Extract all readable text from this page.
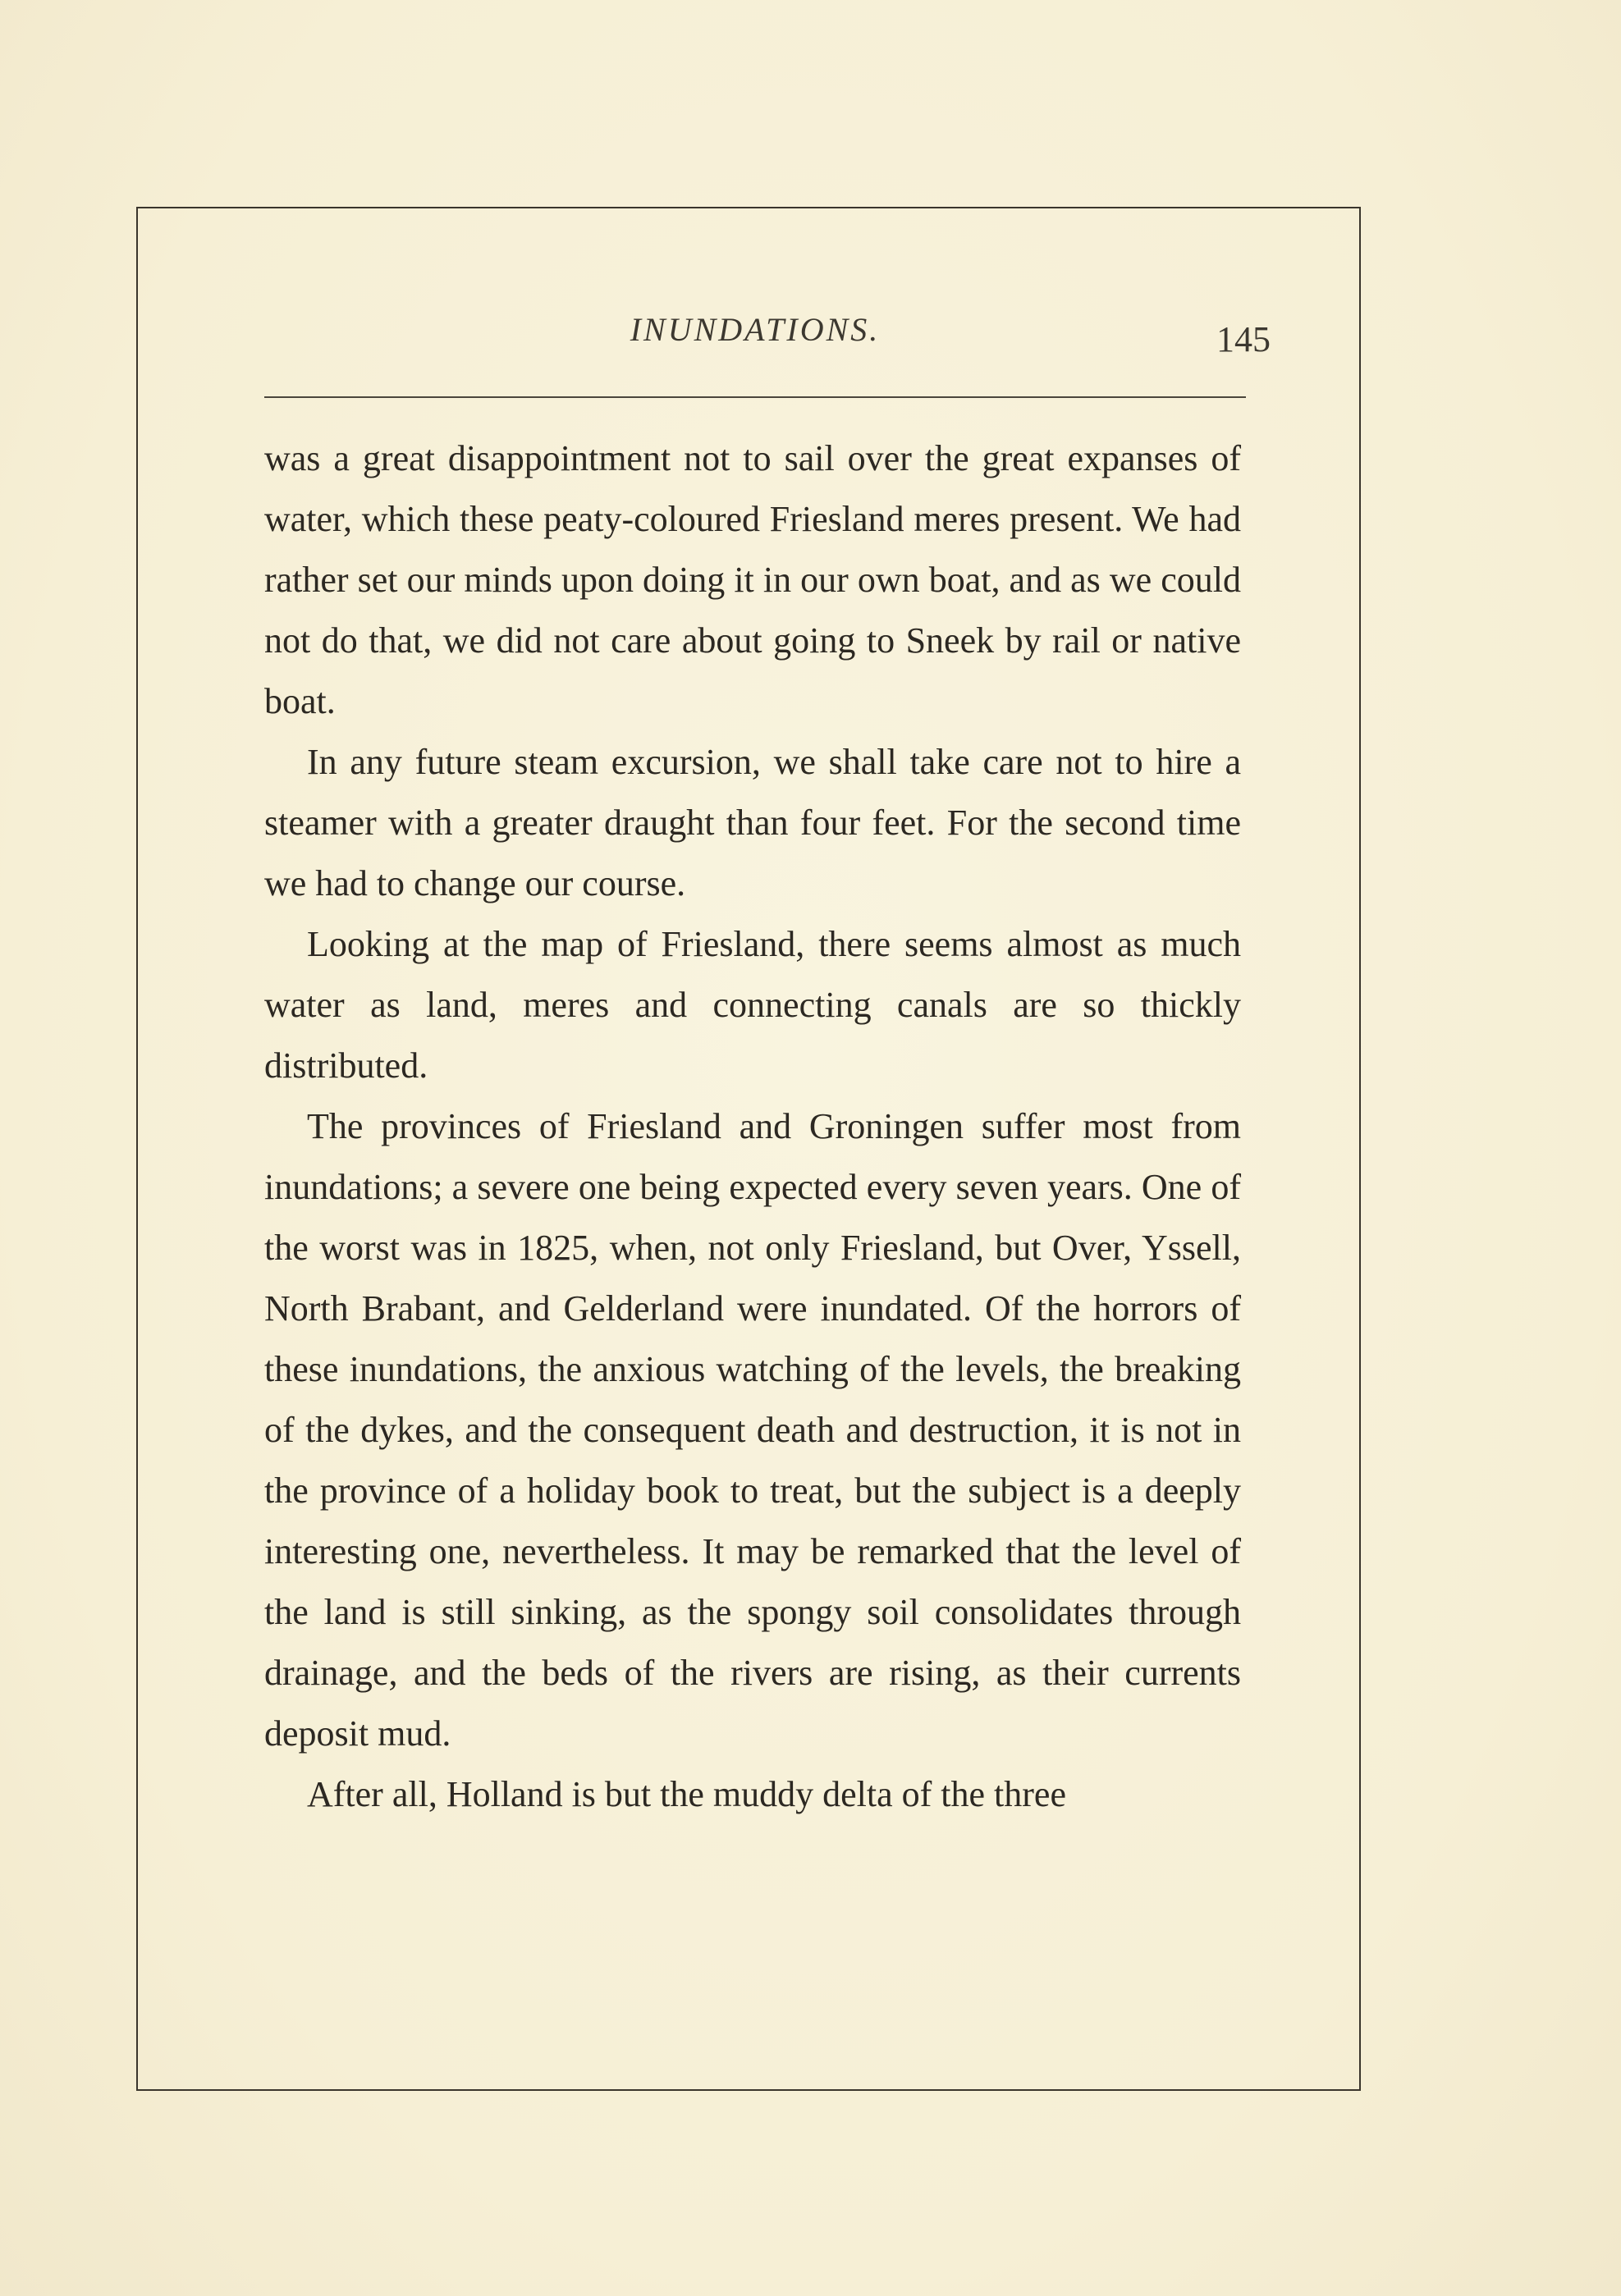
INUNDATIONS.	145

was a great disappointment not to sail over the great expanses of water, which these peaty-coloured Friesland meres present. We had rather set our minds upon doing it in our own boat, and as we could not do that, we did not care about going to Sneek by rail or native boat.

In any future steam excursion, we shall take care not to hire a steamer with a greater draught than four feet. For the second time we had to change our course.

Looking at the map of Friesland, there seems almost as much water as land, meres and connecting canals are so thickly distributed.

The provinces of Friesland and Groningen suffer most from inundations; a severe one being expected every seven years. One of the worst was in 1825, when, not only Friesland, but Over, Yssell, North Brabant, and Gelderland were inundated. Of the horrors of these inundations, the anxious watching of the levels, the breaking of the dykes, and the consequent death and destruction, it is not in the province of a holiday book to treat, but the subject is a deeply interesting one, nevertheless. It may be remarked that the level of the land is still sinking, as the spongy soil consolidates through drainage, and the beds of the rivers are rising, as their currents deposit mud.

After all, Holland is but the muddy delta of the three
